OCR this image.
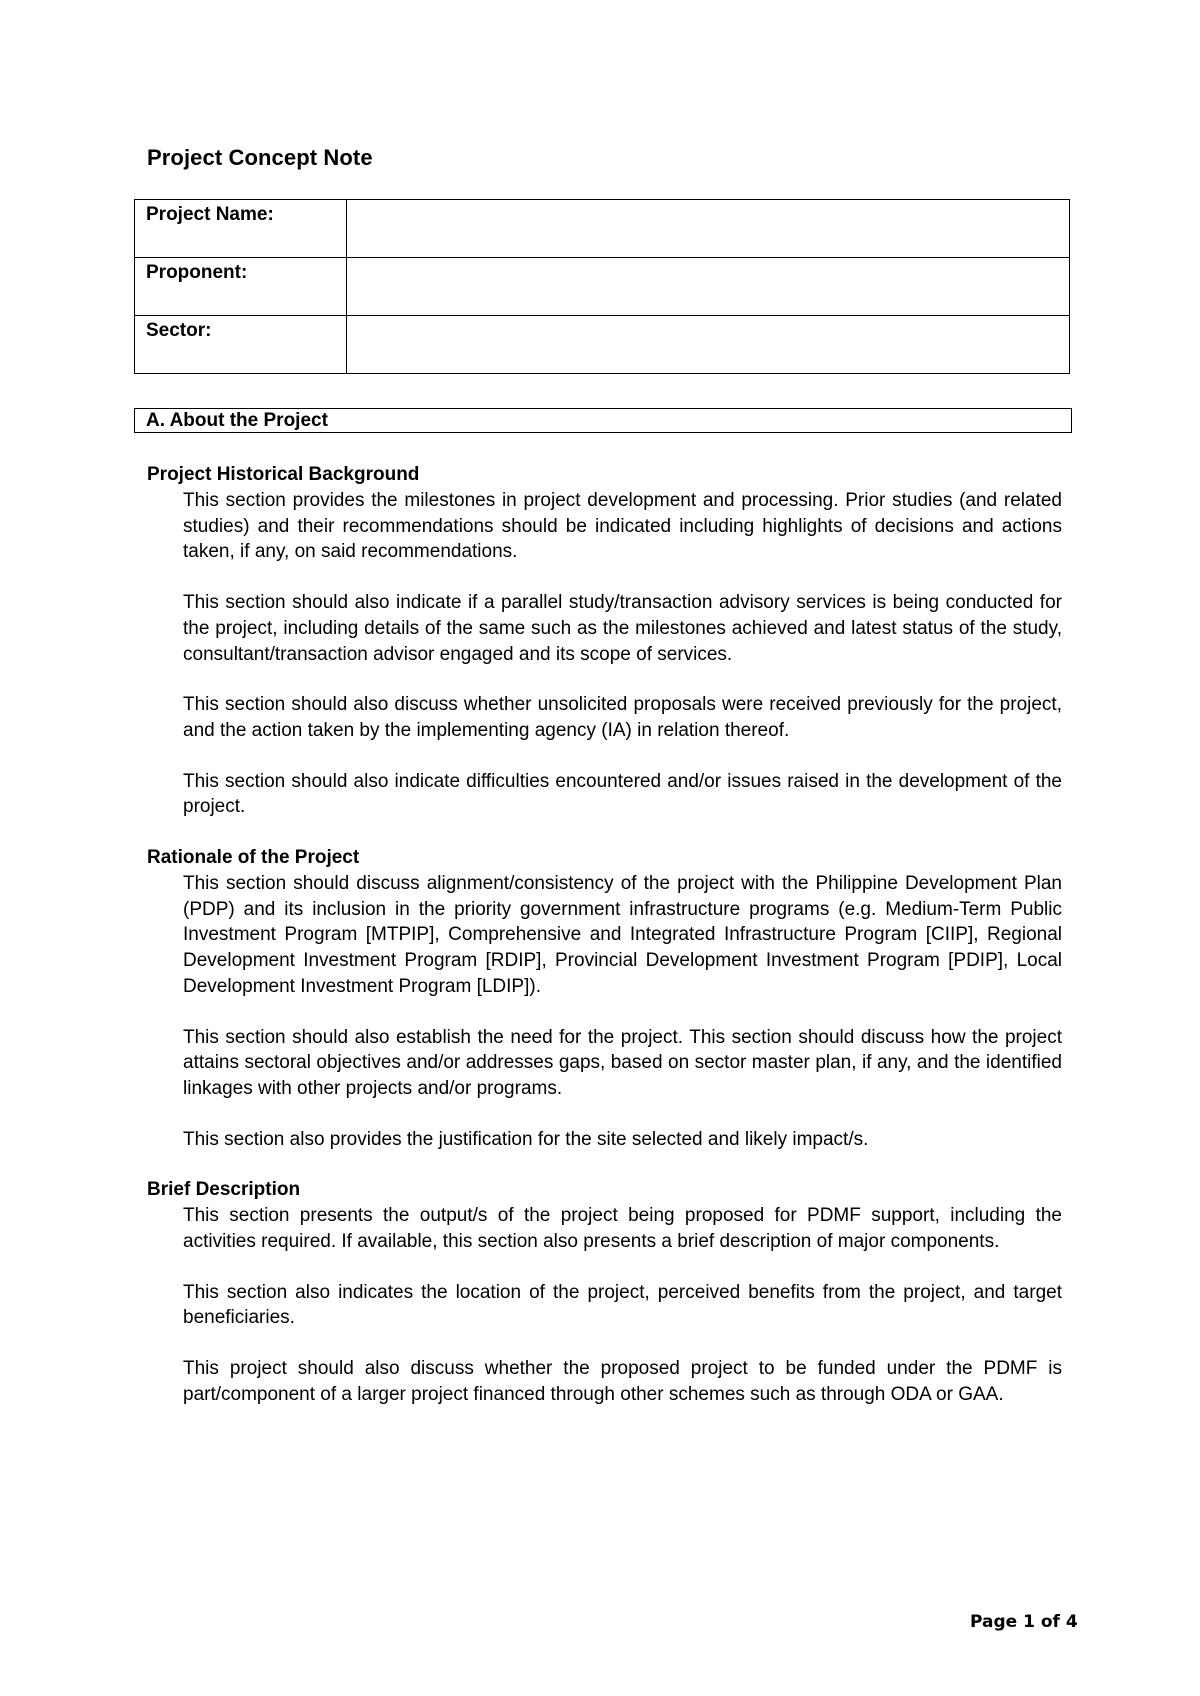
Project Concept Note
Project Name:	
Proponent:	
Sector:	
A. About the Project

Project Historical Background

This section provides the milestones in project development and processing. Prior studies (and related studies) and their recommendations should be indicated including highlights of decisions and actions taken, if any, on said recommendations.

This section should also indicate if a parallel study/transaction advisory services is being conducted for the project, including details of the same such as the milestones achieved and latest status of the study, consultant/transaction advisor engaged and its scope of services.

This section should also discuss whether unsolicited proposals were received previously for the project, and the action taken by the implementing agency (IA) in relation thereof.

This section should also indicate difficulties encountered and/or issues raised in the development of the project.

Rationale of the Project

This section should discuss alignment/consistency of the project with the Philippine Development Plan (PDP) and its inclusion in the priority government infrastructure programs (e.g. Medium-Term Public Investment Program [MTPIP], Comprehensive and Integrated Infrastructure Program [CIIP], Regional Development Investment Program [RDIP], Provincial Development Investment Program [PDIP], Local Development Investment Program [LDIP]).

This section should also establish the need for the project. This section should discuss how the project attains sectoral objectives and/or addresses gaps, based on sector master plan, if any, and the identified linkages with other projects and/or programs.

This section also provides the justification for the site selected and likely impact/s.

Brief Description

This section presents the output/s of the project being proposed for PDMF support, including the activities required. If available, this section also presents a brief description of major components.

This section also indicates the location of the project, perceived benefits from the project, and target beneficiaries.

This project should also discuss whether the proposed project to be funded under the PDMF is part/component of a larger project financed through other schemes such as through ODA or GAA.

Page 1 of 4
